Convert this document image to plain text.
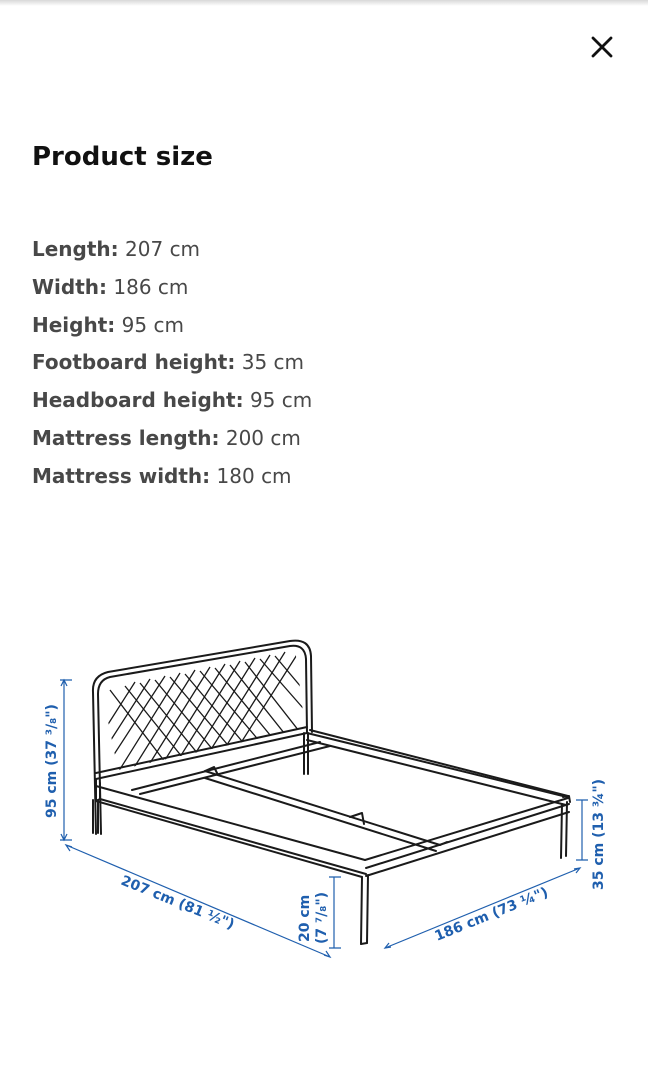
Product size
Length: 207 cm
Width: 186 cm
Height: 95 cm
Footboard height: 35 cm
Headboard height: 95 cm
Mattress length: 200 cm
Mattress width: 180 cm
95 cm (37 ³/₈")
207 cm (81 ½")	20 cm (7 ⁷/₈")	186 cm (73 ¼")
35 cm (13 ¾")
